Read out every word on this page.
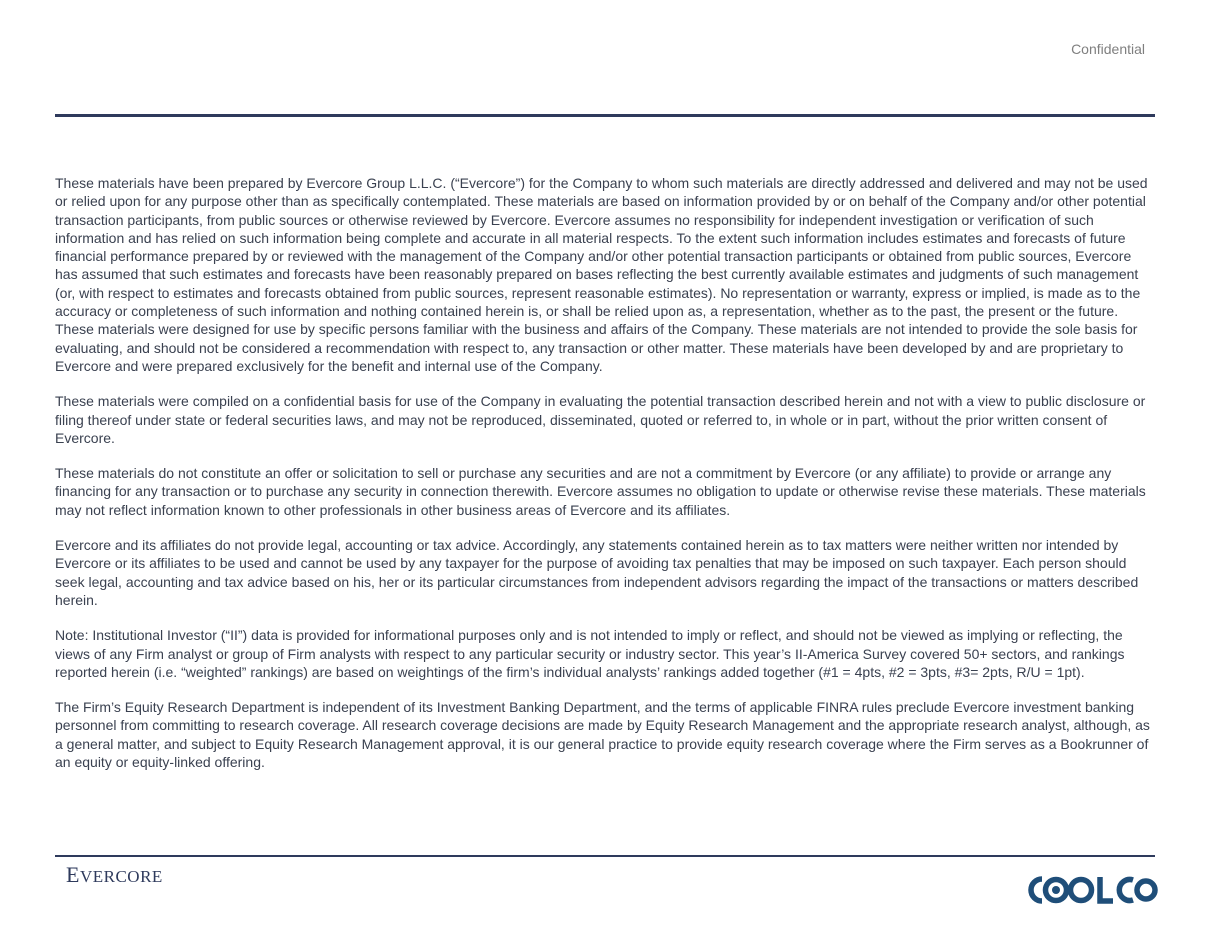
Confidential

These materials have been prepared by Evercore Group L.L.C. (“Evercore”) for the Company to whom such materials are directly addressed and delivered and may not be used or relied upon for any purpose other than as specifically contemplated. These materials are based on information provided by or on behalf of the Company and/or other potential transaction participants, from public sources or otherwise reviewed by Evercore. Evercore assumes no responsibility for independent investigation or verification of such information and has relied on such information being complete and accurate in all material respects. To the extent such information includes estimates and forecasts of future financial performance prepared by or reviewed with the management of the Company and/or other potential transaction participants or obtained from public sources, Evercore has assumed that such estimates and forecasts have been reasonably prepared on bases reflecting the best currently available estimates and judgments of such management (or, with respect to estimates and forecasts obtained from public sources, represent reasonable estimates). No representation or warranty, express or implied, is made as to the accuracy or completeness of such information and nothing contained herein is, or shall be relied upon as, a representation, whether as to the past, the present or the future. These materials were designed for use by specific persons familiar with the business and affairs of the Company. These materials are not intended to provide the sole basis for evaluating, and should not be considered a recommendation with respect to, any transaction or other matter. These materials have been developed by and are proprietary to Evercore and were prepared exclusively for the benefit and internal use of the Company.

These materials were compiled on a confidential basis for use of the Company in evaluating the potential transaction described herein and not with a view to public disclosure or filing thereof under state or federal securities laws, and may not be reproduced, disseminated, quoted or referred to, in whole or in part, without the prior written consent of Evercore.

These materials do not constitute an offer or solicitation to sell or purchase any securities and are not a commitment by Evercore (or any affiliate) to provide or arrange any financing for any transaction or to purchase any security in connection therewith. Evercore assumes no obligation to update or otherwise revise these materials. These materials may not reflect information known to other professionals in other business areas of Evercore and its affiliates.

Evercore and its affiliates do not provide legal, accounting or tax advice. Accordingly, any statements contained herein as to tax matters were neither written nor intended by Evercore or its affiliates to be used and cannot be used by any taxpayer for the purpose of avoiding tax penalties that may be imposed on such taxpayer. Each person should seek legal, accounting and tax advice based on his, her or its particular circumstances from independent advisors regarding the impact of the transactions or matters described herein.

Note: Institutional Investor (“II”) data is provided for informational purposes only and is not intended to imply or reflect, and should not be viewed as implying or reflecting, the views of any Firm analyst or group of Firm analysts with respect to any particular security or industry sector. This year’s II-America Survey covered 50+ sectors, and rankings reported herein (i.e. “weighted” rankings) are based on weightings of the firm’s individual analysts’ rankings added together (#1 = 4pts, #2 = 3pts, #3= 2pts, R/U = 1pt).

The Firm’s Equity Research Department is independent of its Investment Banking Department, and the terms of applicable FINRA rules preclude Evercore investment banking personnel from committing to research coverage. All research coverage decisions are made by Equity Research Management and the appropriate research analyst, although, as a general matter, and subject to Equity Research Management approval, it is our general practice to provide equity research coverage where the Firm serves as a Bookrunner of an equity or equity-linked offering.

EVERCORE
